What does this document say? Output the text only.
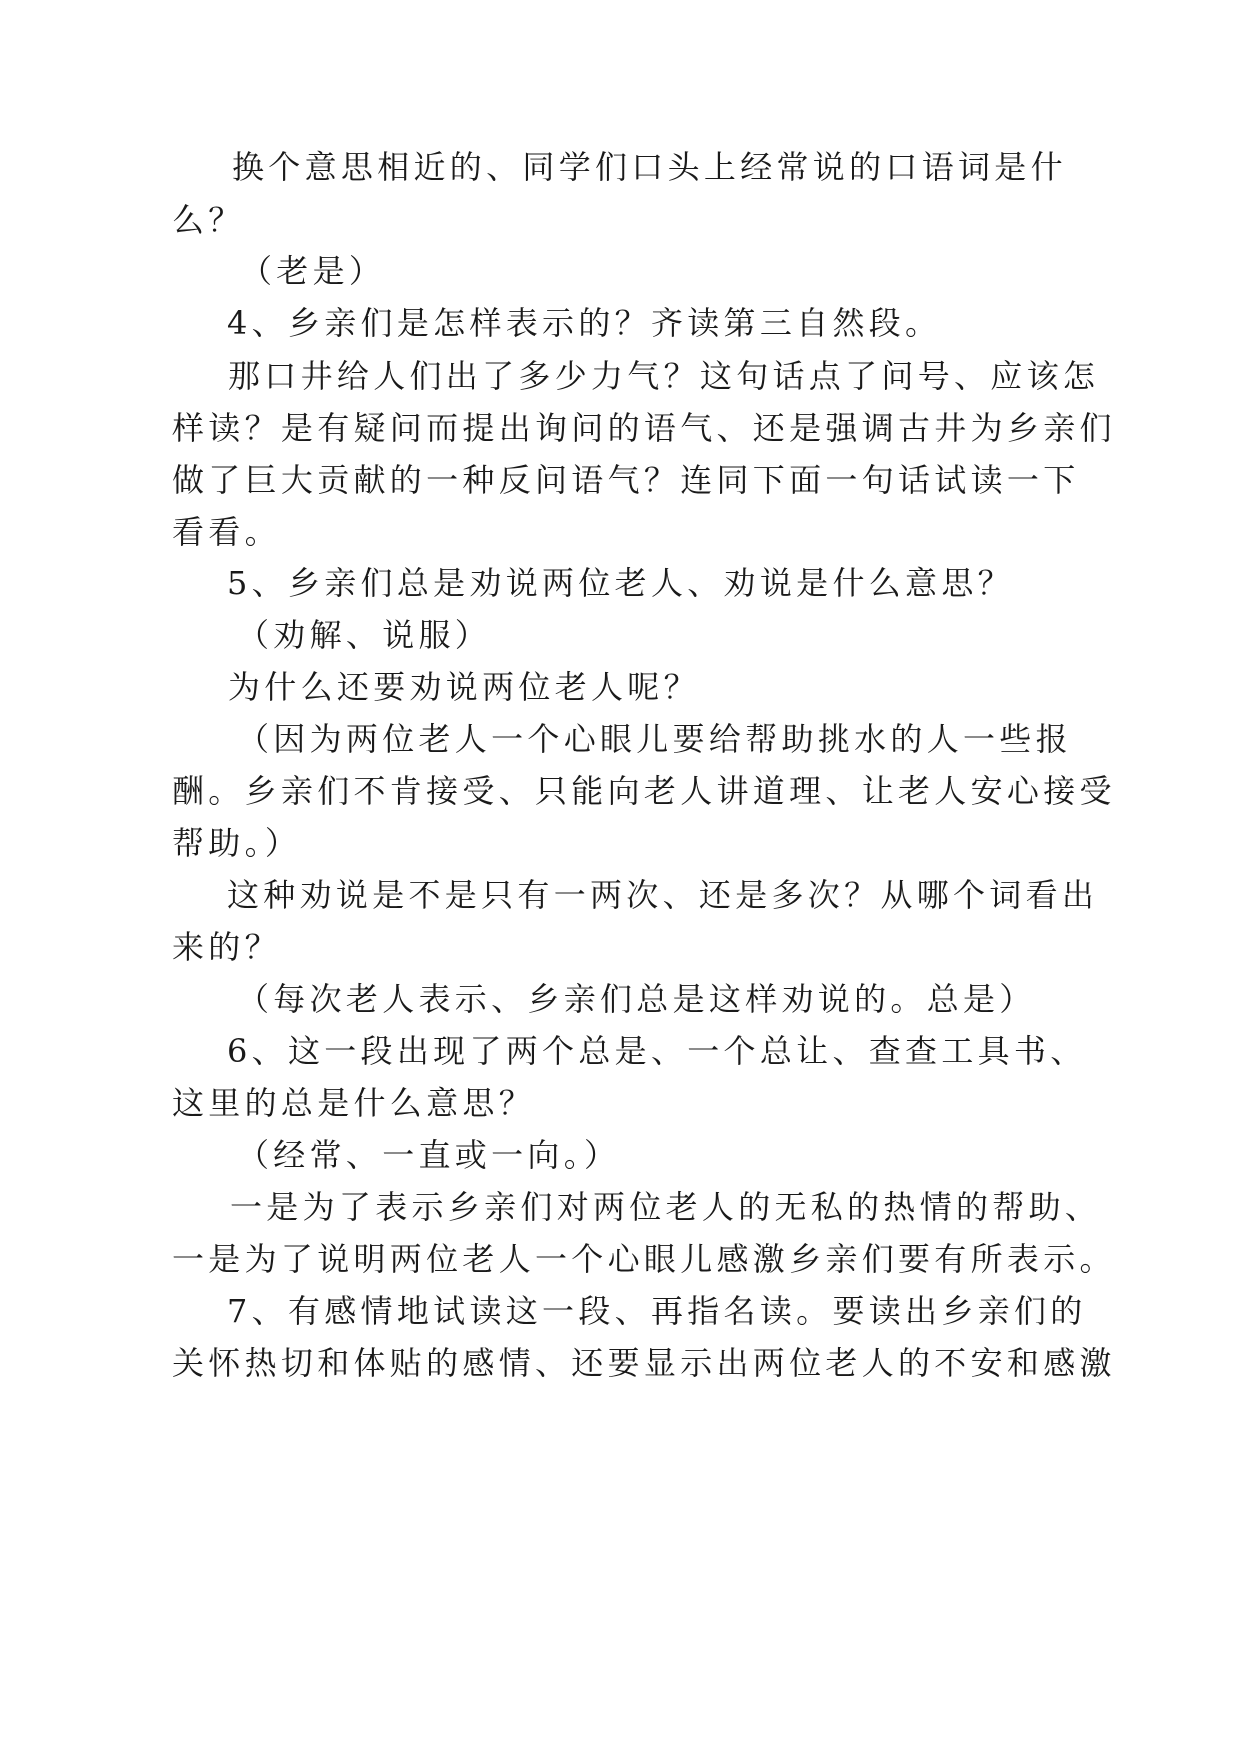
换个意思相近的、同学们口头上经常说的口语词是什
么？
（老是）
4、乡亲们是怎样表示的？齐读第三自然段。
那口井给人们出了多少力气？这句话点了问号、应该怎
样读？是有疑问而提出询问的语气、还是强调古井为乡亲们
做了巨大贡献的一种反问语气？连同下面一句话试读一下
看看。
5、乡亲们总是劝说两位老人、劝说是什么意思？
（劝解、说服）
为什么还要劝说两位老人呢？
（因为两位老人一个心眼儿要给帮助挑水的人一些报
酬。乡亲们不肯接受、只能向老人讲道理、让老人安心接受
帮助。）
这种劝说是不是只有一两次、还是多次？从哪个词看出
来的？
（每次老人表示、乡亲们总是这样劝说的。总是）
6、这一段出现了两个总是、一个总让、查查工具书、
这里的总是什么意思？
（经常、一直或一向。）
一是为了表示乡亲们对两位老人的无私的热情的帮助、
一是为了说明两位老人一个心眼儿感激乡亲们要有所表示。
7、有感情地试读这一段、再指名读。要读出乡亲们的
关怀热切和体贴的感情、还要显示出两位老人的不安和感激
